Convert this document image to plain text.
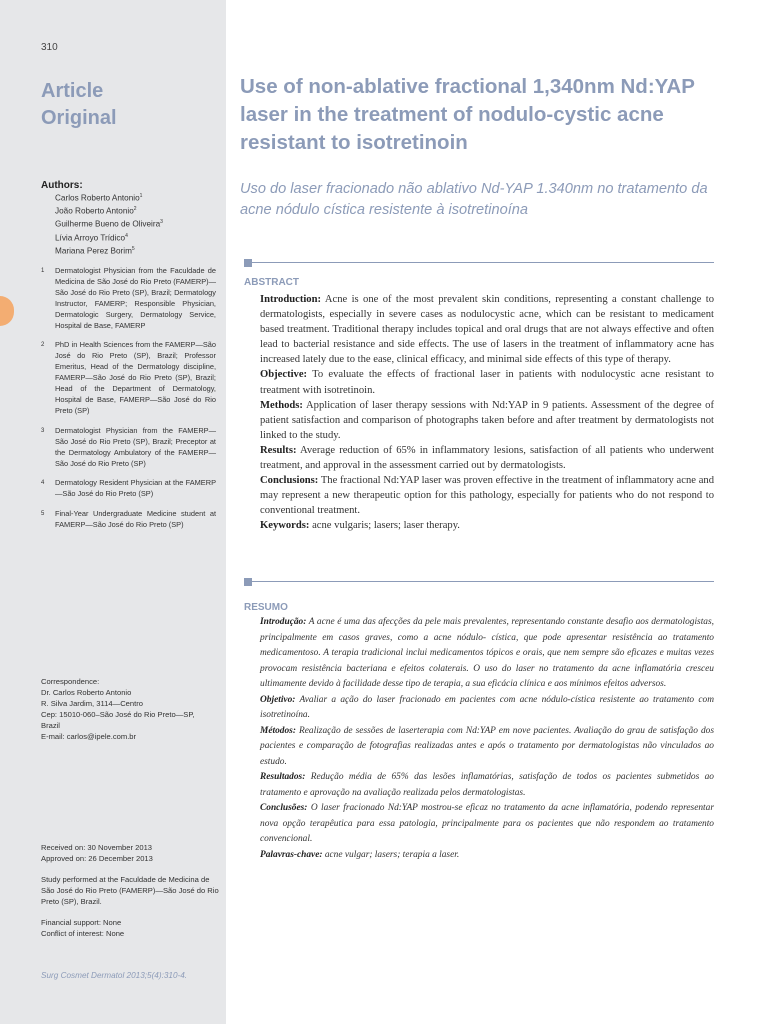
310
Article
Original
Authors:
Carlos Roberto Antonio$^1$
João Roberto Antonio$^2$
Guilherme Bueno de Oliveira$^3$
Lívia Arroyo Trídico$^4$
Mariana Perez Borim$^5$
1	Dermatologist Physician from the Faculdade de Medicina de São José do Rio Preto (FAMERP)—São José do Rio Preto (SP), Brazil; Dermatology Instructor, FAMERP; Responsible Physician, Dermatologic Surgery, Dermatology Service, Hospital de Base, FAMERP
2	PhD in Health Sciences from the FAMERP—São José do Rio Preto (SP), Brazil; Professor Emeritus, Head of the Dermatology discipline, FAMERP—São José do Rio Preto (SP), Brazil; Head of the Department of Dermatology, Hospital de Base, FAMERP—São José do Rio Preto (SP)
3	Dermatologist Physician from the FAMERP—São José do Rio Preto (SP), Brazil; Preceptor at the Dermatology Ambulatory of the FAMERP—São José do Rio Preto (SP)
4	Dermatology Resident Physician at the FAMERP—São José do Rio Preto (SP)
5	Final-Year Undergraduate Medicine student at FAMERP—São José do Rio Preto (SP)
Correspondence:
Dr. Carlos Roberto Antonio
R. Silva Jardim, 3114—Centro
Cep: 15010-060–São José do Rio Preto—SP,
Brazil
E-mail: carlos@ipele.com.br
Received on: 30 November 2013
Approved on: 26 December 2013
Study performed at the Faculdade de Medicina de São José do Rio Preto (FAMERP)—São José do Rio Preto (SP), Brazil.
Financial support: None
Conflict of interest: None
Surg Cosmet Dermatol 2013;5(4):310-4.
Use of non-ablative fractional 1,340nm Nd:YAP laser in the treatment of nodulo-cystic acne resistant to isotretinoin
Uso do laser fracionado não ablativo Nd-YAP 1.340nm no tratamento da acne nódulo cística resistente à isotretinoína
ABSTRACT

Introduction: Acne is one of the most prevalent skin conditions, representing a constant challenge to dermatologists, especially in severe cases as nodulocystic acne, which can be resistant to medicament based treatment. Traditional therapy includes topical and oral drugs that are not always effective and often lead to bacterial resistance and side effects. The use of lasers in the treatment of inflammatory acne has increased lately due to the ease, clinical efficacy, and minimal side effects of this type of therapy.

Objective: To evaluate the effects of fractional laser in patients with nodulocystic acne resistant to treatment with isotretinoin.

Methods: Application of laser therapy sessions with Nd:YAP in 9 patients. Assessment of the degree of patient satisfaction and comparison of photographs taken before and after treatment by dermatologists not linked to the study.

Results: Average reduction of 65% in inflammatory lesions, satisfaction of all patients who underwent treatment, and approval in the assessment carried out by dermatologists.

Conclusions: The fractional Nd:YAP laser was proven effective in the treatment of inflammatory acne and may represent a new therapeutic option for this pathology, especially for patients who do not respond to conventional treatment.

Keywords: acne vulgaris; lasers; laser therapy.

RESUMO

Introdução: A acne é uma das afecções da pele mais prevalentes, representando constante desafio aos dermatologistas, principalmente em casos graves, como a acne nódulo- cística, que pode apresentar resistência ao tratamento medicamentoso. A terapia tradicional inclui medicamentos tópicos e orais, que nem sempre são eficazes e muitas vezes provocam resistência bacteriana e efeitos colaterais. O uso do laser no tratamento da acne inflamatória cresceu ultimamente devido à facilidade desse tipo de terapia, a sua eficácia clínica e aos mínimos efeitos adversos.

Objetivo: Avaliar a ação do laser fracionado em pacientes com acne nódulo-cística resistente ao tratamento com isotretinoína.

Métodos: Realização de sessões de laserterapia com Nd:YAP em nove pacientes. Avaliação do grau de satisfação dos pacientes e comparação de fotografias realizadas antes e após o tratamento por dermatologistas não vinculados ao estudo.

Resultados: Redução média de 65% das lesões inflamatórias, satisfação de todos os pacientes submetidos ao tratamento e aprovação na avaliação realizada pelos dermatologistas.

Conclusões: O laser fracionado Nd:YAP mostrou-se eficaz no tratamento da acne inflamatória, podendo representar nova opção terapêutica para essa patologia, principalmente para os pacientes que não respondem ao tratamento convencional.

Palavras-chave: acne vulgar; lasers; terapia a laser.
